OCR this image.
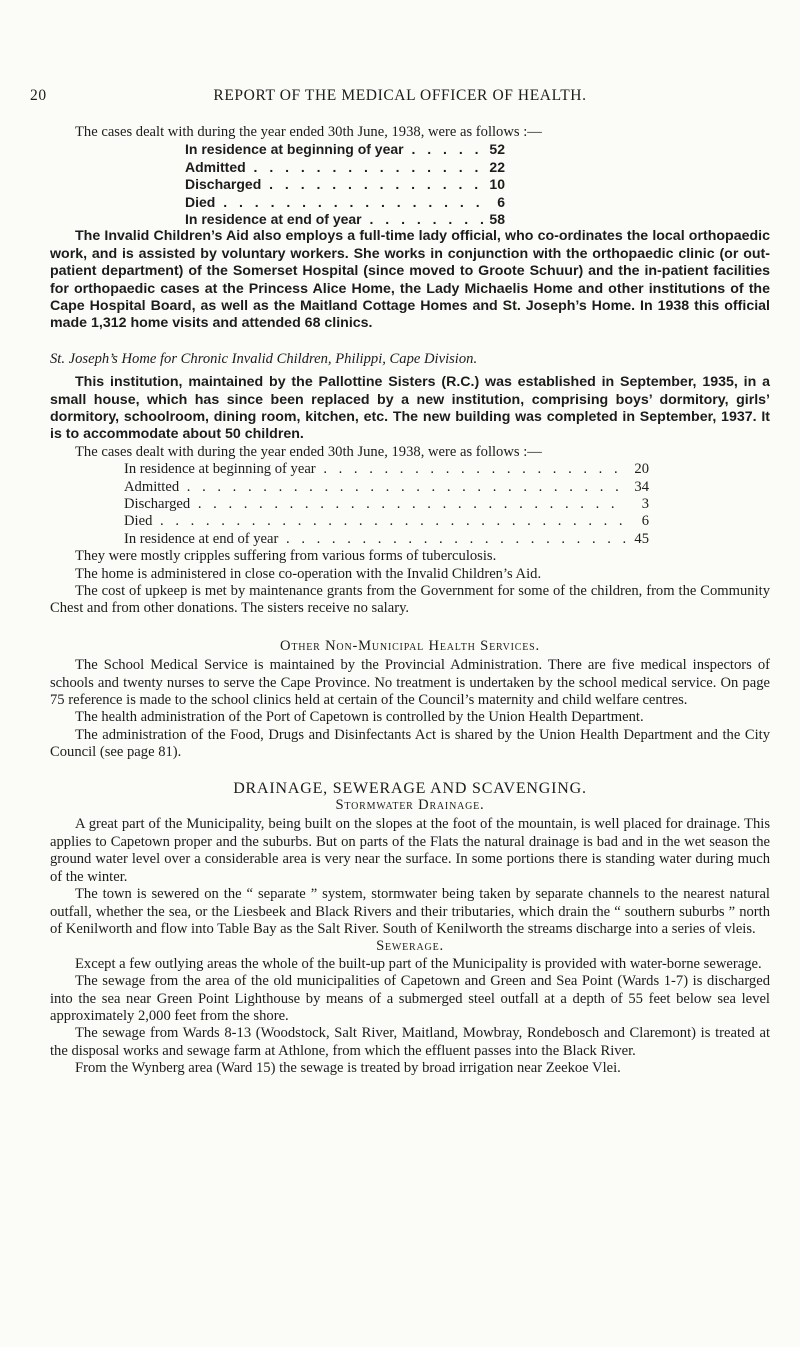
20	REPORT OF THE MEDICAL OFFICER OF HEALTH.

The cases dealt with during the year ended 30th June, 1938, were as follows :—

In residence at beginning of year . . .	52
Admitted . . .	22
Discharged . . .	10
Died . . .	6
In residence at end of year . . .	58

The Invalid Children’s Aid also employs a full-time lady official, who co-ordinates the local orthopaedic work, and is assisted by voluntary workers. She works in conjunction with the orthopaedic clinic (or out-patient department) of the Somerset Hospital (since moved to Groote Schuur) and the in-patient facilities for orthopaedic cases at the Princess Alice Home, the Lady Michaelis Home and other institutions of the Cape Hospital Board, as well as the Maitland Cottage Homes and St. Joseph’s Home. In 1938 this official made 1,312 home visits and attended 68 clinics.

St. Joseph’s Home for Chronic Invalid Children, Philippi, Cape Division.

This institution, maintained by the Pallottine Sisters (R.C.) was established in September, 1935, in a small house, which has since been replaced by a new institution, comprising boys’ dormitory, girls’ dormitory, schoolroom, dining room, kitchen, etc. The new building was completed in September, 1937. It is to accommodate about 50 children.

The cases dealt with during the year ended 30th June, 1938, were as follows :—

In residence at beginning of year . . .	20
Admitted . . .	34
Discharged . . .	3
Died . . .	6
In residence at end of year . . .	45

They were mostly cripples suffering from various forms of tuberculosis.

The home is administered in close co-operation with the Invalid Children’s Aid.

The cost of upkeep is met by maintenance grants from the Government for some of the children, from the Community Chest and from other donations. The sisters receive no salary.

Other Non-Municipal Health Services.

The School Medical Service is maintained by the Provincial Administration. There are five medical inspectors of schools and twenty nurses to serve the Cape Province. No treatment is undertaken by the school medical service. On page 75 reference is made to the school clinics held at certain of the Council’s maternity and child welfare centres.

The health administration of the Port of Capetown is controlled by the Union Health Department.

The administration of the Food, Drugs and Disinfectants Act is shared by the Union Health Department and the City Council (see page 81).

DRAINAGE, SEWERAGE AND SCAVENGING.

Stormwater Drainage.

A great part of the Municipality, being built on the slopes at the foot of the mountain, is well placed for drainage. This applies to Capetown proper and the suburbs. But on parts of the Flats the natural drainage is bad and in the wet season the ground water level over a considerable area is very near the surface. In some portions there is standing water during much of the winter.

The town is sewered on the “ separate ” system, stormwater being taken by separate channels to the nearest natural outfall, whether the sea, or the Liesbeek and Black Rivers and their tributaries, which drain the “ southern suburbs ” north of Kenilworth and flow into Table Bay as the Salt River. South of Kenilworth the streams discharge into a series of vleis.

Sewerage.

Except a few outlying areas the whole of the built-up part of the Municipality is provided with water-borne sewerage.

The sewage from the area of the old municipalities of Capetown and Green and Sea Point (Wards 1-7) is discharged into the sea near Green Point Lighthouse by means of a submerged steel outfall at a depth of 55 feet below sea level approximately 2,000 feet from the shore.

The sewage from Wards 8-13 (Woodstock, Salt River, Maitland, Mowbray, Rondebosch and Claremont) is treated at the disposal works and sewage farm at Athlone, from which the effluent passes into the Black River.

From the Wynberg area (Ward 15) the sewage is treated by broad irrigation near Zeekoe Vlei.
